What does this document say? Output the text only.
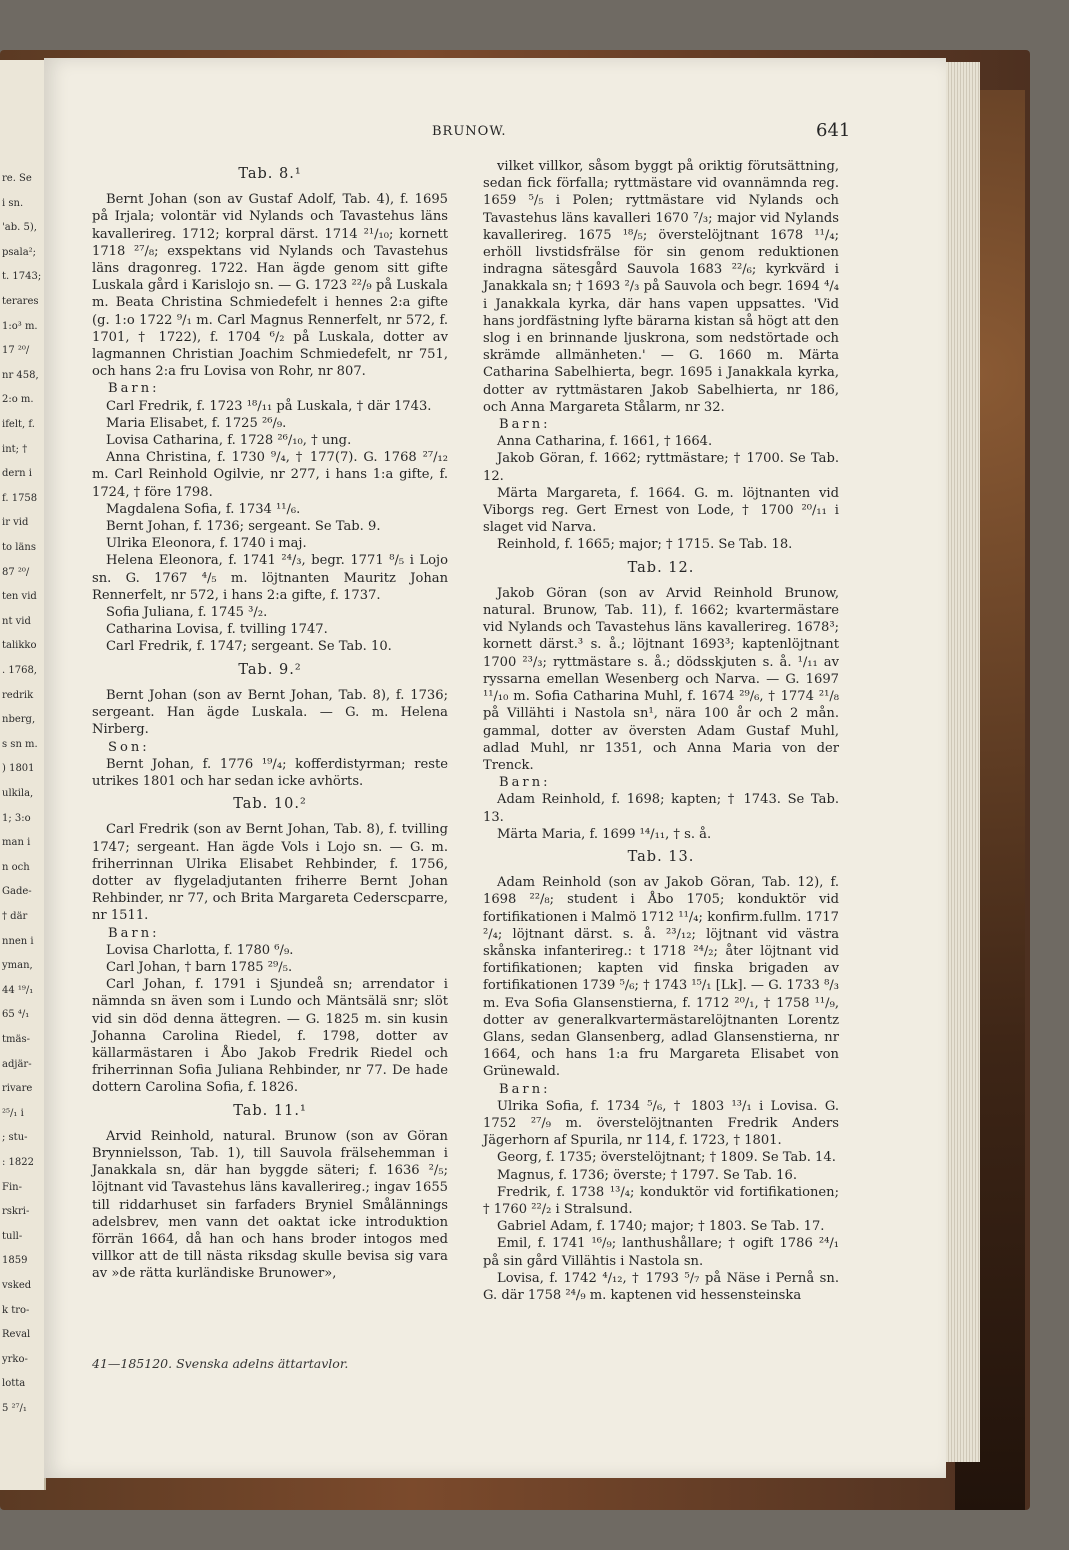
re. Se
i sn.
'ab. 5),
psala²;
t. 1743;
terares
1:o³ m.
17 ²⁰/
nr 458,
2:o m.
ifelt, f.
int; †
dern i
f. 1758
ir vid
to läns
87 ²⁰/
ten vid
nt vid
talikko
. 1768,
redrik
nberg,
s sn m.
) 1801
ulkila,
1; 3:o
man i
n och
Gade-
† där
nnen i
yman,
44 ¹⁹/₁
65 ⁴/₁
tmäs-
adjär-
rivare
²⁵/₁ i
; stu-
: 1822
Fin-
rskri-
tull-
1859
vsked
k tro-
Reval
yrko-
lotta
5 ²⁷/₁
BRUNOW.	641

Tab. 8.¹

Bernt Johan (son av Gustaf Adolf, Tab. 4), f. 1695 på Irjala; volontär vid Nylands och Tavastehus läns kavallerireg. 1712; korpral därst. 1714 ²¹/₁₀; kornett 1718 ²⁷/₈; exspektans vid Nylands och Tavastehus läns dragonreg. 1722. Han ägde genom sitt gifte Luskala gård i Karislojo sn. — G. 1723 ²²/₉ på Luskala m. Beata Christina Schmiedefelt i hennes 2:a gifte (g. 1:o 1722 ⁹/₁ m. Carl Magnus Rennerfelt, nr 572, f. 1701, † 1722), f. 1704 ⁶/₂ på Luskala, dotter av lagmannen Christian Joachim Schmiedefelt, nr 751, och hans 2:a fru Lovisa von Rohr, nr 807.

Barn:

Carl Fredrik, f. 1723 ¹⁸/₁₁ på Luskala, † där 1743.

Maria Elisabet, f. 1725 ²⁶/₉.

Lovisa Catharina, f. 1728 ²⁶/₁₀, † ung.

Anna Christina, f. 1730 ⁹/₄, † 177(7). G. 1768 ²⁷/₁₂ m. Carl Reinhold Ogilvie, nr 277, i hans 1:a gifte, f. 1724, † före 1798.

Magdalena Sofia, f. 1734 ¹¹/₆.

Bernt Johan, f. 1736; sergeant. Se Tab. 9.

Ulrika Eleonora, f. 1740 i maj.

Helena Eleonora, f. 1741 ²⁴/₃, begr. 1771 ⁸/₅ i Lojo sn. G. 1767 ⁴/₅ m. löjtnanten Mauritz Johan Rennerfelt, nr 572, i hans 2:a gifte, f. 1737.

Sofia Juliana, f. 1745 ³/₂.

Catharina Lovisa, f. tvilling 1747.

Carl Fredrik, f. 1747; sergeant. Se Tab. 10.

Tab. 9.²

Bernt Johan (son av Bernt Johan, Tab. 8), f. 1736; sergeant. Han ägde Luskala. — G. m. Helena Nirberg.

Son:

Bernt Johan, f. 1776 ¹⁹/₄; kofferdistyrman; reste utrikes 1801 och har sedan icke avhörts.

Tab. 10.²

Carl Fredrik (son av Bernt Johan, Tab. 8), f. tvilling 1747; sergeant. Han ägde Vols i Lojo sn. — G. m. friherrinnan Ulrika Elisabet Rehbinder, f. 1756, dotter av flygeladjutanten friherre Bernt Johan Rehbinder, nr 77, och Brita Margareta Cederscparre, nr 1511.

Barn:

Lovisa Charlotta, f. 1780 ⁶/₉.

Carl Johan, † barn 1785 ²⁹/₅.

Carl Johan, f. 1791 i Sjundeå sn; arrendator i nämnda sn även som i Lundo och Mäntsälä snr; slöt vid sin död denna ättegren. — G. 1825 m. sin kusin Johanna Carolina Riedel, f. 1798, dotter av källarmästaren i Åbo Jakob Fredrik Riedel och friherrinnan Sofia Juliana Rehbinder, nr 77. De hade dottern Carolina Sofia, f. 1826.

Tab. 11.¹

Arvid Reinhold, natural. Brunow (son av Göran Brynnielsson, Tab. 1), till Sauvola frälsehemman i Janakkala sn, där han byggde säteri; f. 1636 ²/₅; löjtnant vid Tavastehus läns kavallerireg.; ingav 1655 till riddarhuset sin farfaders Bryniel Smålännings adelsbrev, men vann det oaktat icke introduktion förrän 1664, då han och hans broder intogos med villkor att de till nästa riksdag skulle bevisa sig vara av »de rätta kurländiske Brunower»,

vilket villkor, såsom byggt på oriktig förutsättning, sedan fick förfalla; ryttmästare vid ovannämnda reg. 1659 ⁵/₅ i Polen; ryttmästare vid Nylands och Tavastehus läns kavalleri 1670 ⁷/₃; major vid Nylands kavallerireg. 1675 ¹⁸/₅; överstelöjtnant 1678 ¹¹/₄; erhöll livstidsfrälse för sin genom reduktionen indragna sätesgård Sauvola 1683 ²²/₆; kyrkvärd i Janakkala sn; † 1693 ²/₃ på Sauvola och begr. 1694 ⁴/₄ i Janakkala kyrka, där hans vapen uppsattes. 'Vid hans jordfästning lyfte bärarna kistan så högt att den slog i en brinnande ljuskrona, som nedstörtade och skrämde allmänheten.' — G. 1660 m. Märta Catharina Sabelhierta, begr. 1695 i Janakkala kyrka, dotter av ryttmästaren Jakob Sabelhierta, nr 186, och Anna Margareta Stålarm, nr 32.

Barn:

Anna Catharina, f. 1661, † 1664.

Jakob Göran, f. 1662; ryttmästare; † 1700. Se Tab. 12.

Märta Margareta, f. 1664. G. m. löjtnanten vid Viborgs reg. Gert Ernest von Lode, † 1700 ²⁰/₁₁ i slaget vid Narva.

Reinhold, f. 1665; major; † 1715. Se Tab. 18.

Tab. 12.

Jakob Göran (son av Arvid Reinhold Brunow, natural. Brunow, Tab. 11), f. 1662; kvartermästare vid Nylands och Tavastehus läns kavallerireg. 1678³; kornett därst.³ s. å.; löjtnant 1693³; kaptenlöjtnant 1700 ²³/₃; ryttmästare s. å.; dödsskjuten s. å. ¹/₁₁ av ryssarna emellan Wesenberg och Narva. — G. 1697 ¹¹/₁₀ m. Sofia Catharina Muhl, f. 1674 ²⁹/₆, † 1774 ²¹/₈ på Villähti i Nastola sn¹, nära 100 år och 2 mån. gammal, dotter av översten Adam Gustaf Muhl, adlad Muhl, nr 1351, och Anna Maria von der Trenck.

Barn:

Adam Reinhold, f. 1698; kapten; † 1743. Se Tab. 13.

Märta Maria, f. 1699 ¹⁴/₁₁, † s. å.

Tab. 13.

Adam Reinhold (son av Jakob Göran, Tab. 12), f. 1698 ²²/₈; student i Åbo 1705; konduktör vid fortifikationen i Malmö 1712 ¹¹/₄; konfirm.fullm. 1717 ²/₄; löjtnant därst. s. å. ²³/₁₂; löjtnant vid västra skånska infanterireg.: t 1718 ²⁴/₂; åter löjtnant vid fortifikationen; kapten vid finska brigaden av fortifikationen 1739 ⁵/₆; † 1743 ¹⁵/₁ [Lk]. — G. 1733 ⁸/₃ m. Eva Sofia Glansenstierna, f. 1712 ²⁰/₁, † 1758 ¹¹/₉, dotter av generalkvartermästarelöjtnanten Lorentz Glans, sedan Glansenberg, adlad Glansenstierna, nr 1664, och hans 1:a fru Margareta Elisabet von Grünewald.

Barn:

Ulrika Sofia, f. 1734 ⁵/₆, † 1803 ¹³/₁ i Lovisa. G. 1752 ²⁷/₉ m. överstelöjtnanten Fredrik Anders Jägerhorn af Spurila, nr 114, f. 1723, † 1801.

Georg, f. 1735; överstelöjtnant; † 1809. Se Tab. 14.

Magnus, f. 1736; överste; † 1797. Se Tab. 16.

Fredrik, f. 1738 ¹³/₄; konduktör vid fortifikationen; † 1760 ²²/₂ i Stralsund.

Gabriel Adam, f. 1740; major; † 1803. Se Tab. 17.

Emil, f. 1741 ¹⁶/₉; lanthushållare; † ogift 1786 ²⁴/₁ på sin gård Villähtis i Nastola sn.

Lovisa, f. 1742 ⁴/₁₂, † 1793 ⁵/₇ på Näse i Pernå sn. G. där 1758 ²⁴/₉ m. kaptenen vid hessensteinska

41—185120. Svenska adelns ättartavlor.
